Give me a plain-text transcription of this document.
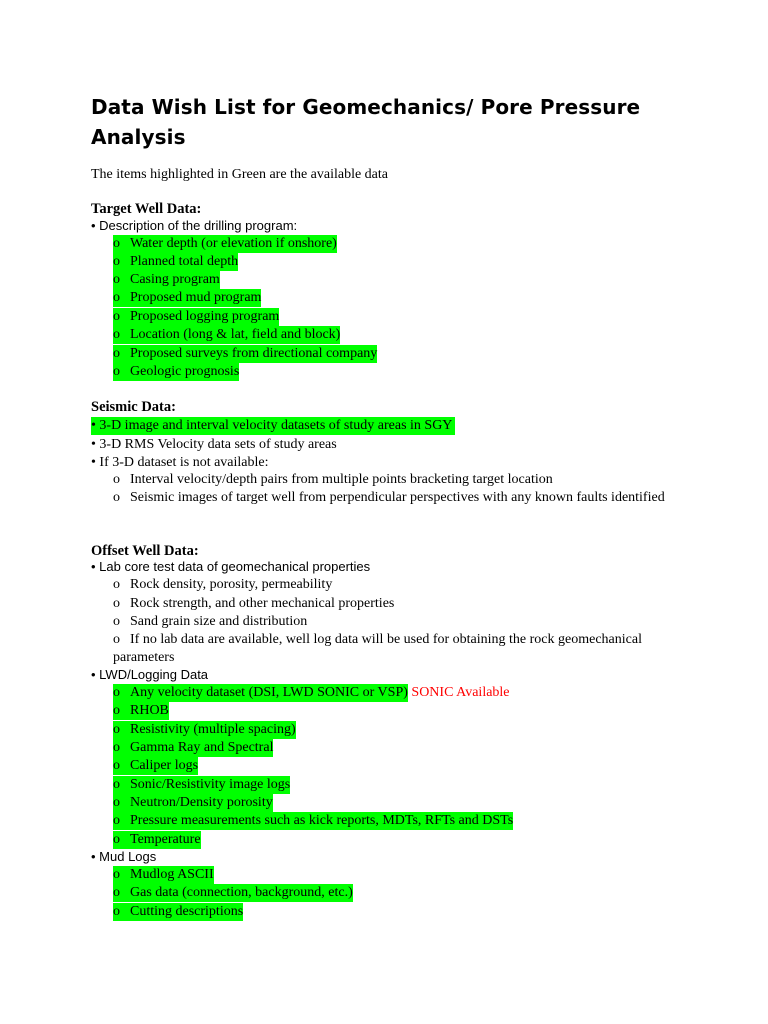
Data Wish List for Geomechanics/ Pore Pressure Analysis
The items highlighted in Green are the available data
Target Well Data:
• Description of the drilling program:
o Water depth (or elevation if onshore)
o Planned total depth
o Casing program
o Proposed mud program
o Proposed logging program
o Location (long & lat, field and block)
o Proposed surveys from directional company
o Geologic prognosis
Seismic Data:
• 3-D image and interval velocity datasets of study areas in SGY
• 3-D RMS Velocity data sets of study areas
• If 3-D dataset is not available:
o Interval velocity/depth pairs from multiple points bracketing target location
o Seismic images of target well from perpendicular perspectives with any known faults identified
Offset Well Data:
• Lab core test data of geomechanical properties
o Rock density, porosity, permeability
o Rock strength, and other mechanical properties
o Sand grain size and distribution
o If no lab data are available, well log data will be used for obtaining the rock geomechanical parameters
• LWD/Logging Data
o Any velocity dataset (DSI, LWD SONIC or VSP) SONIC Available
o RHOB
o Resistivity (multiple spacing)
o Gamma Ray and Spectral
o Caliper logs
o Sonic/Resistivity image logs
o Neutron/Density porosity
o Pressure measurements such as kick reports, MDTs, RFTs and DSTs
o Temperature
• Mud Logs
o Mudlog ASCII
o Gas data (connection, background, etc.)
o Cutting descriptions
